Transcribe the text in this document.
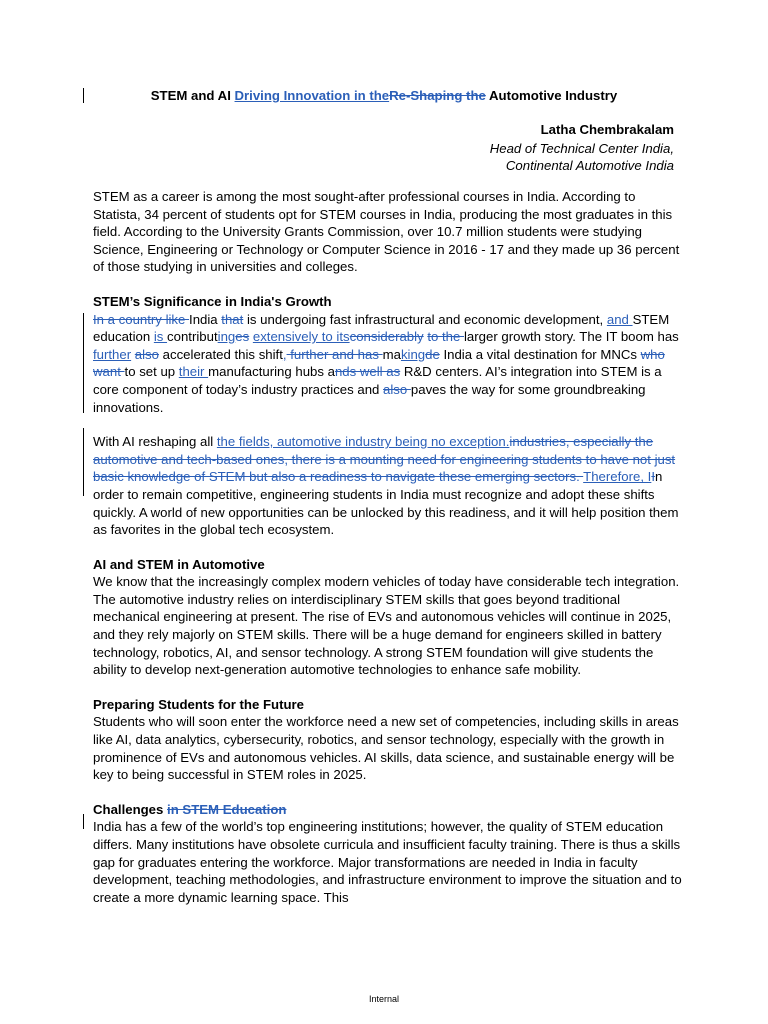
STEM and AI Driving Innovation in theRe-Shaping the Automotive Industry
Latha Chembrakalam
Head of Technical Center India,
Continental Automotive India

STEM as a career is among the most sought-after professional courses in India. According to Statista, 34 percent of students opt for STEM courses in India, producing the most graduates in this field. According to the University Grants Commission, over 10.7 million students were studying Science, Engineering or Technology or Computer Science in 2016 - 17 and they made up 36 percent of those studying in universities and colleges.

STEM’s Significance in India's Growth
In a country like India that is undergoing fast infrastructural and economic development, and STEM education is contributinges extensively to itsconsiderably to the larger growth story. The IT boom has further also accelerated this shift, further and has makingde India a vital destination for MNCs who want to set up their manufacturing hubs ands well as R&D centers. AI’s integration into STEM is a core component of today’s industry practices and also paves the way for some groundbreaking innovations.

With AI reshaping all the fields, automotive industry being no exception.industries, especially the automotive and tech-based ones, there is a mounting need for engineering students to have not just basic knowledge of STEM but also a readiness to navigate these emerging sectors. Therefore, IIn order to remain competitive, engineering students in India must recognize and adopt these shifts quickly. A world of new opportunities can be unlocked by this readiness, and it will help position them as favorites in the global tech ecosystem.

AI and STEM in Automotive
We know that the increasingly complex modern vehicles of today have considerable tech integration. The automotive industry relies on interdisciplinary STEM skills that goes beyond traditional mechanical engineering at present. The rise of EVs and autonomous vehicles will continue in 2025, and they rely majorly on STEM skills. There will be a huge demand for engineers skilled in battery technology, robotics, AI, and sensor technology. A strong STEM foundation will give students the ability to develop next-generation automotive technologies to enhance safe mobility.

Preparing Students for the Future
Students who will soon enter the workforce need a new set of competencies, including skills in areas like AI, data analytics, cybersecurity, robotics, and sensor technology, especially with the growth in prominence of EVs and autonomous vehicles. AI skills, data science, and sustainable energy will be key to being successful in STEM roles in 2025.

Challenges in STEM Education
India has a few of the world’s top engineering institutions; however, the quality of STEM education differs. Many institutions have obsolete curricula and insufficient faculty training. There is thus a skills gap for graduates entering the workforce. Major transformations are needed in India in faculty development, teaching methodologies, and infrastructure environment to improve the situation and to create a more dynamic learning space. This

Internal
